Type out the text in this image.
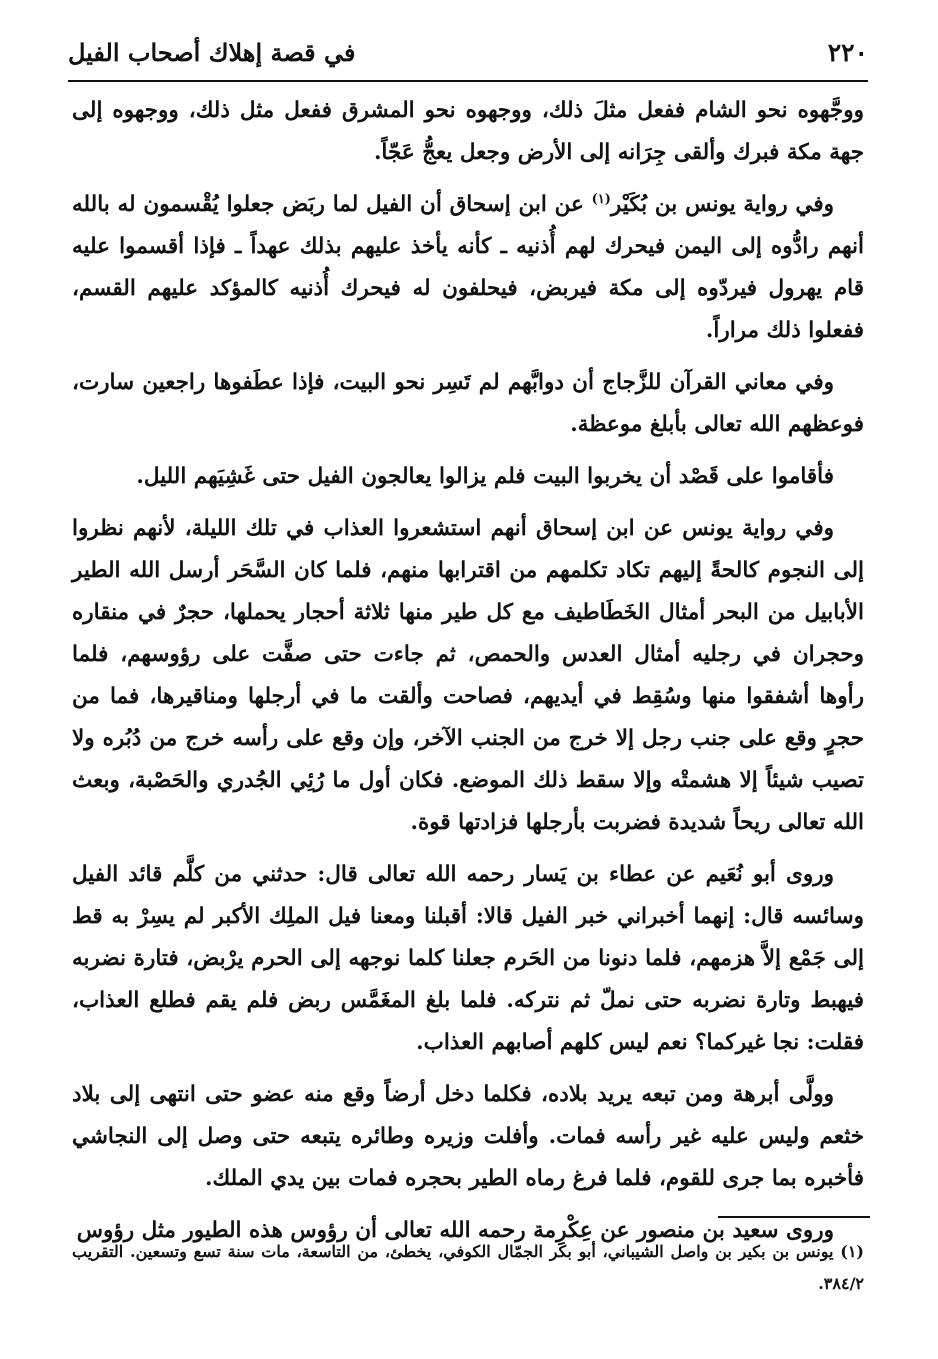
٢٢٠
في قصة إهلاك أصحاب الفيل

ووجَّهوه نحو الشام ففعل مثلَ ذلك، ووجهوه نحو المشرق ففعل مثل ذلك، ووجهوه إلى جهة مكة فبرك وألقى جِرَانه إلى الأرض وجعل يعجُّ عَجّاً.

وفي رواية يونس بن بُكَيْر$^{(١)}$ عن ابن إسحاق أن الفيل لما ربَض جعلوا يُقْسمون له بالله أنهم رادُّوه إلى اليمن فيحرك لهم أُذنيه ـ كأنه يأخذ عليهم بذلك عهداً ـ فإذا أقسموا عليه قام يهرول فيردّوه إلى مكة فيربض، فيحلفون له فيحرك أُذنيه كالمؤكد عليهم القسم، ففعلوا ذلك مراراً.

وفي معاني القرآن للزَّجاج أن دوابَّهم لم تَسِر نحو البيت، فإذا عطَفوها راجعين سارت، فوعظهم الله تعالى بأبلغ موعظة.

فأقاموا على قَصْد أن يخربوا البيت فلم يزالوا يعالجون الفيل حتى غَشِيَهم الليل.

وفي رواية يونس عن ابن إسحاق أنهم استشعروا العذاب في تلك الليلة، لأنهم نظروا إلى النجوم كالحةً إليهم تكاد تكلمهم من اقترابها منهم، فلما كان السَّحَر أرسل الله الطير الأبابيل من البحر أمثال الخَطَاطيف مع كل طير منها ثلاثة أحجار يحملها، حجرٌ في منقاره وحجران في رجليه أمثال العدس والحمص، ثم جاءت حتى صفَّت على رؤوسهم، فلما رأوها أشفقوا منها وسُقِط في أيديهم، فصاحت وألقت ما في أرجلها ومناقيرها، فما من حجرٍ وقع على جنب رجل إلا خرج من الجنب الآخر، وإن وقع على رأسه خرج من دُبُره ولا تصيب شيئاً إلا هشمتْه وإلا سقط ذلك الموضع. فكان أول ما رُئِي الجُدري والحَصْبة، وبعث الله تعالى ريحاً شديدة فضربت بأرجلها فزادتها قوة.

وروى أبو نُعَيم عن عطاء بن يَسار رحمه الله تعالى قال: حدثني من كلَّم قائد الفيل وسائسه قال: إنهما أخبراني خبر الفيل قالا: أقبلنا ومعنا فيل الملِك الأكبر لم يسِرْ به قط إلى جَمْع إلاَّ هزمهم، فلما دنونا من الحَرم جعلنا كلما نوجهه إلى الحرم يرْبض، فتارة نضربه فيهبط وتارة نضربه حتى نملّ ثم نتركه. فلما بلغ المغَمَّس ربض فلم يقم فطلع العذاب، فقلت: نجا غيركما؟ نعم ليس كلهم أصابهم العذاب.

وولَّى أبرهة ومن تبعه يريد بلاده، فكلما دخل أرضاً وقع منه عضو حتى انتهى إلى بلاد خثعم وليس عليه غير رأسه فمات. وأفلت وزيره وطائره يتبعه حتى وصل إلى النجاشي فأخبره بما جرى للقوم، فلما فرغ رماه الطير بحجره فمات بين يدي الملك.

وروى سعيد بن منصور عن عِكْرِمة رحمه الله تعالى أن رؤوس هذه الطيور مثل رؤوس

(١) يونس بن بكير بن واصل الشيباني، أبو بكر الجمّال الكوفي، يخطئ، من التاسعة، مات سنة تسع وتسعين. التقريب ٣٨٤/٢.
